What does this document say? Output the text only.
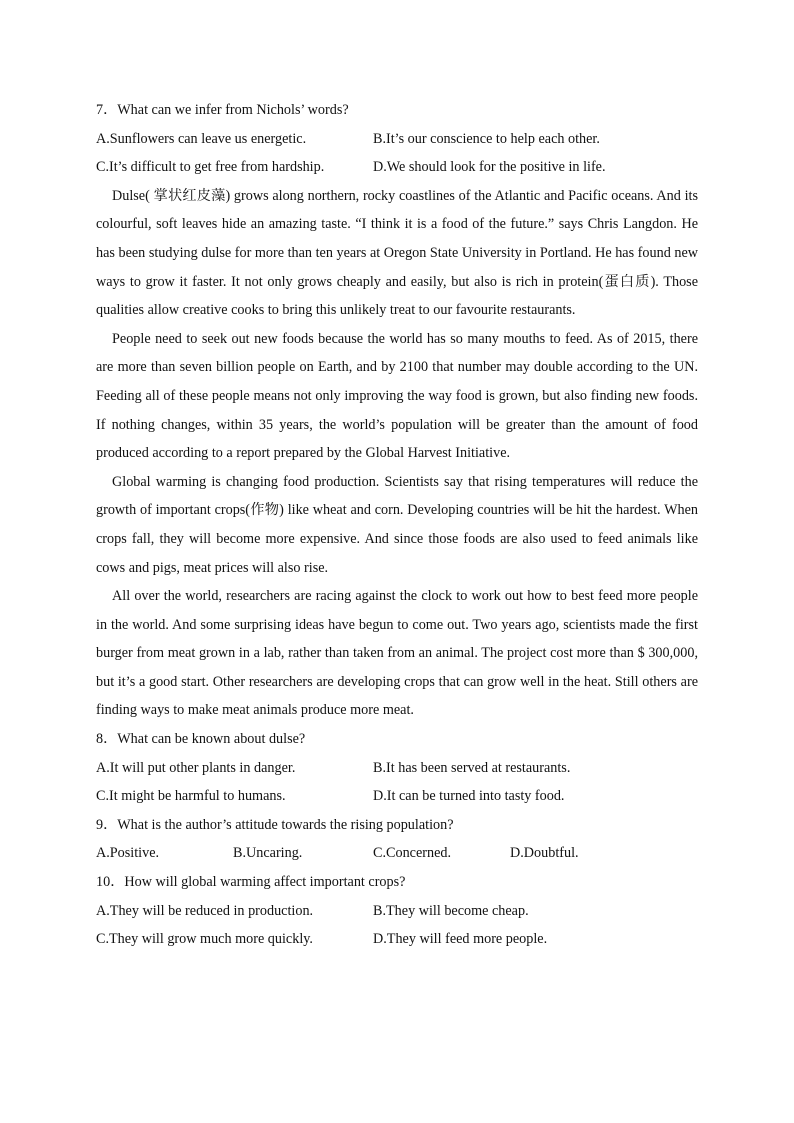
7．What can we infer from Nichols’ words?

A.Sunflowers can leave us energetic.	B.It’s our conscience to help each other.
C.It’s difficult to get free from hardship.	D.We should look for the positive in life.

Dulse( 掌状红皮藻) grows along northern, rocky coastlines of the Atlantic and Pacific oceans. And its colourful, soft leaves hide an amazing taste. “I think it is a food of the future.” says Chris Langdon. He has been studying dulse for more than ten years at Oregon State University in Portland. He has found new ways to grow it faster. It not only grows cheaply and easily, but also is rich in protein(蛋白质). Those qualities allow creative cooks to bring this unlikely treat to our favourite restaurants.

People need to seek out new foods because the world has so many mouths to feed. As of 2015, there are more than seven billion people on Earth, and by 2100 that number may double according to the UN. Feeding all of these people means not only improving the way food is grown, but also finding new foods. If nothing changes, within 35 years, the world’s population will be greater than the amount of food produced according to a report prepared by the Global Harvest Initiative.

Global warming is changing food production. Scientists say that rising temperatures will reduce the growth of important crops(作物) like wheat and corn. Developing countries will be hit the hardest. When crops fall, they will become more expensive. And since those foods are also used to feed animals like cows and pigs, meat prices will also rise.

All over the world, researchers are racing against the clock to work out how to best feed more people in the world. And some surprising ideas have begun to come out. Two years ago, scientists made the first burger from meat grown in a lab, rather than taken from an animal. The project cost more than $ 300,000, but it’s a good start. Other researchers are developing crops that can grow well in the heat. Still others are finding ways to make meat animals produce more meat.

8．What can be known about dulse?

A.It will put other plants in danger.	B.It has been served at restaurants.
C.It might be harmful to humans.	D.It can be turned into tasty food.

9．What is the author’s attitude towards the rising population?

A.Positive.	B.Uncaring.	C.Concerned.	D.Doubtful.

10．How will global warming affect important crops?

A.They will be reduced in production.	B.They will become cheap.
C.They will grow much more quickly.	D.They will feed more people.
